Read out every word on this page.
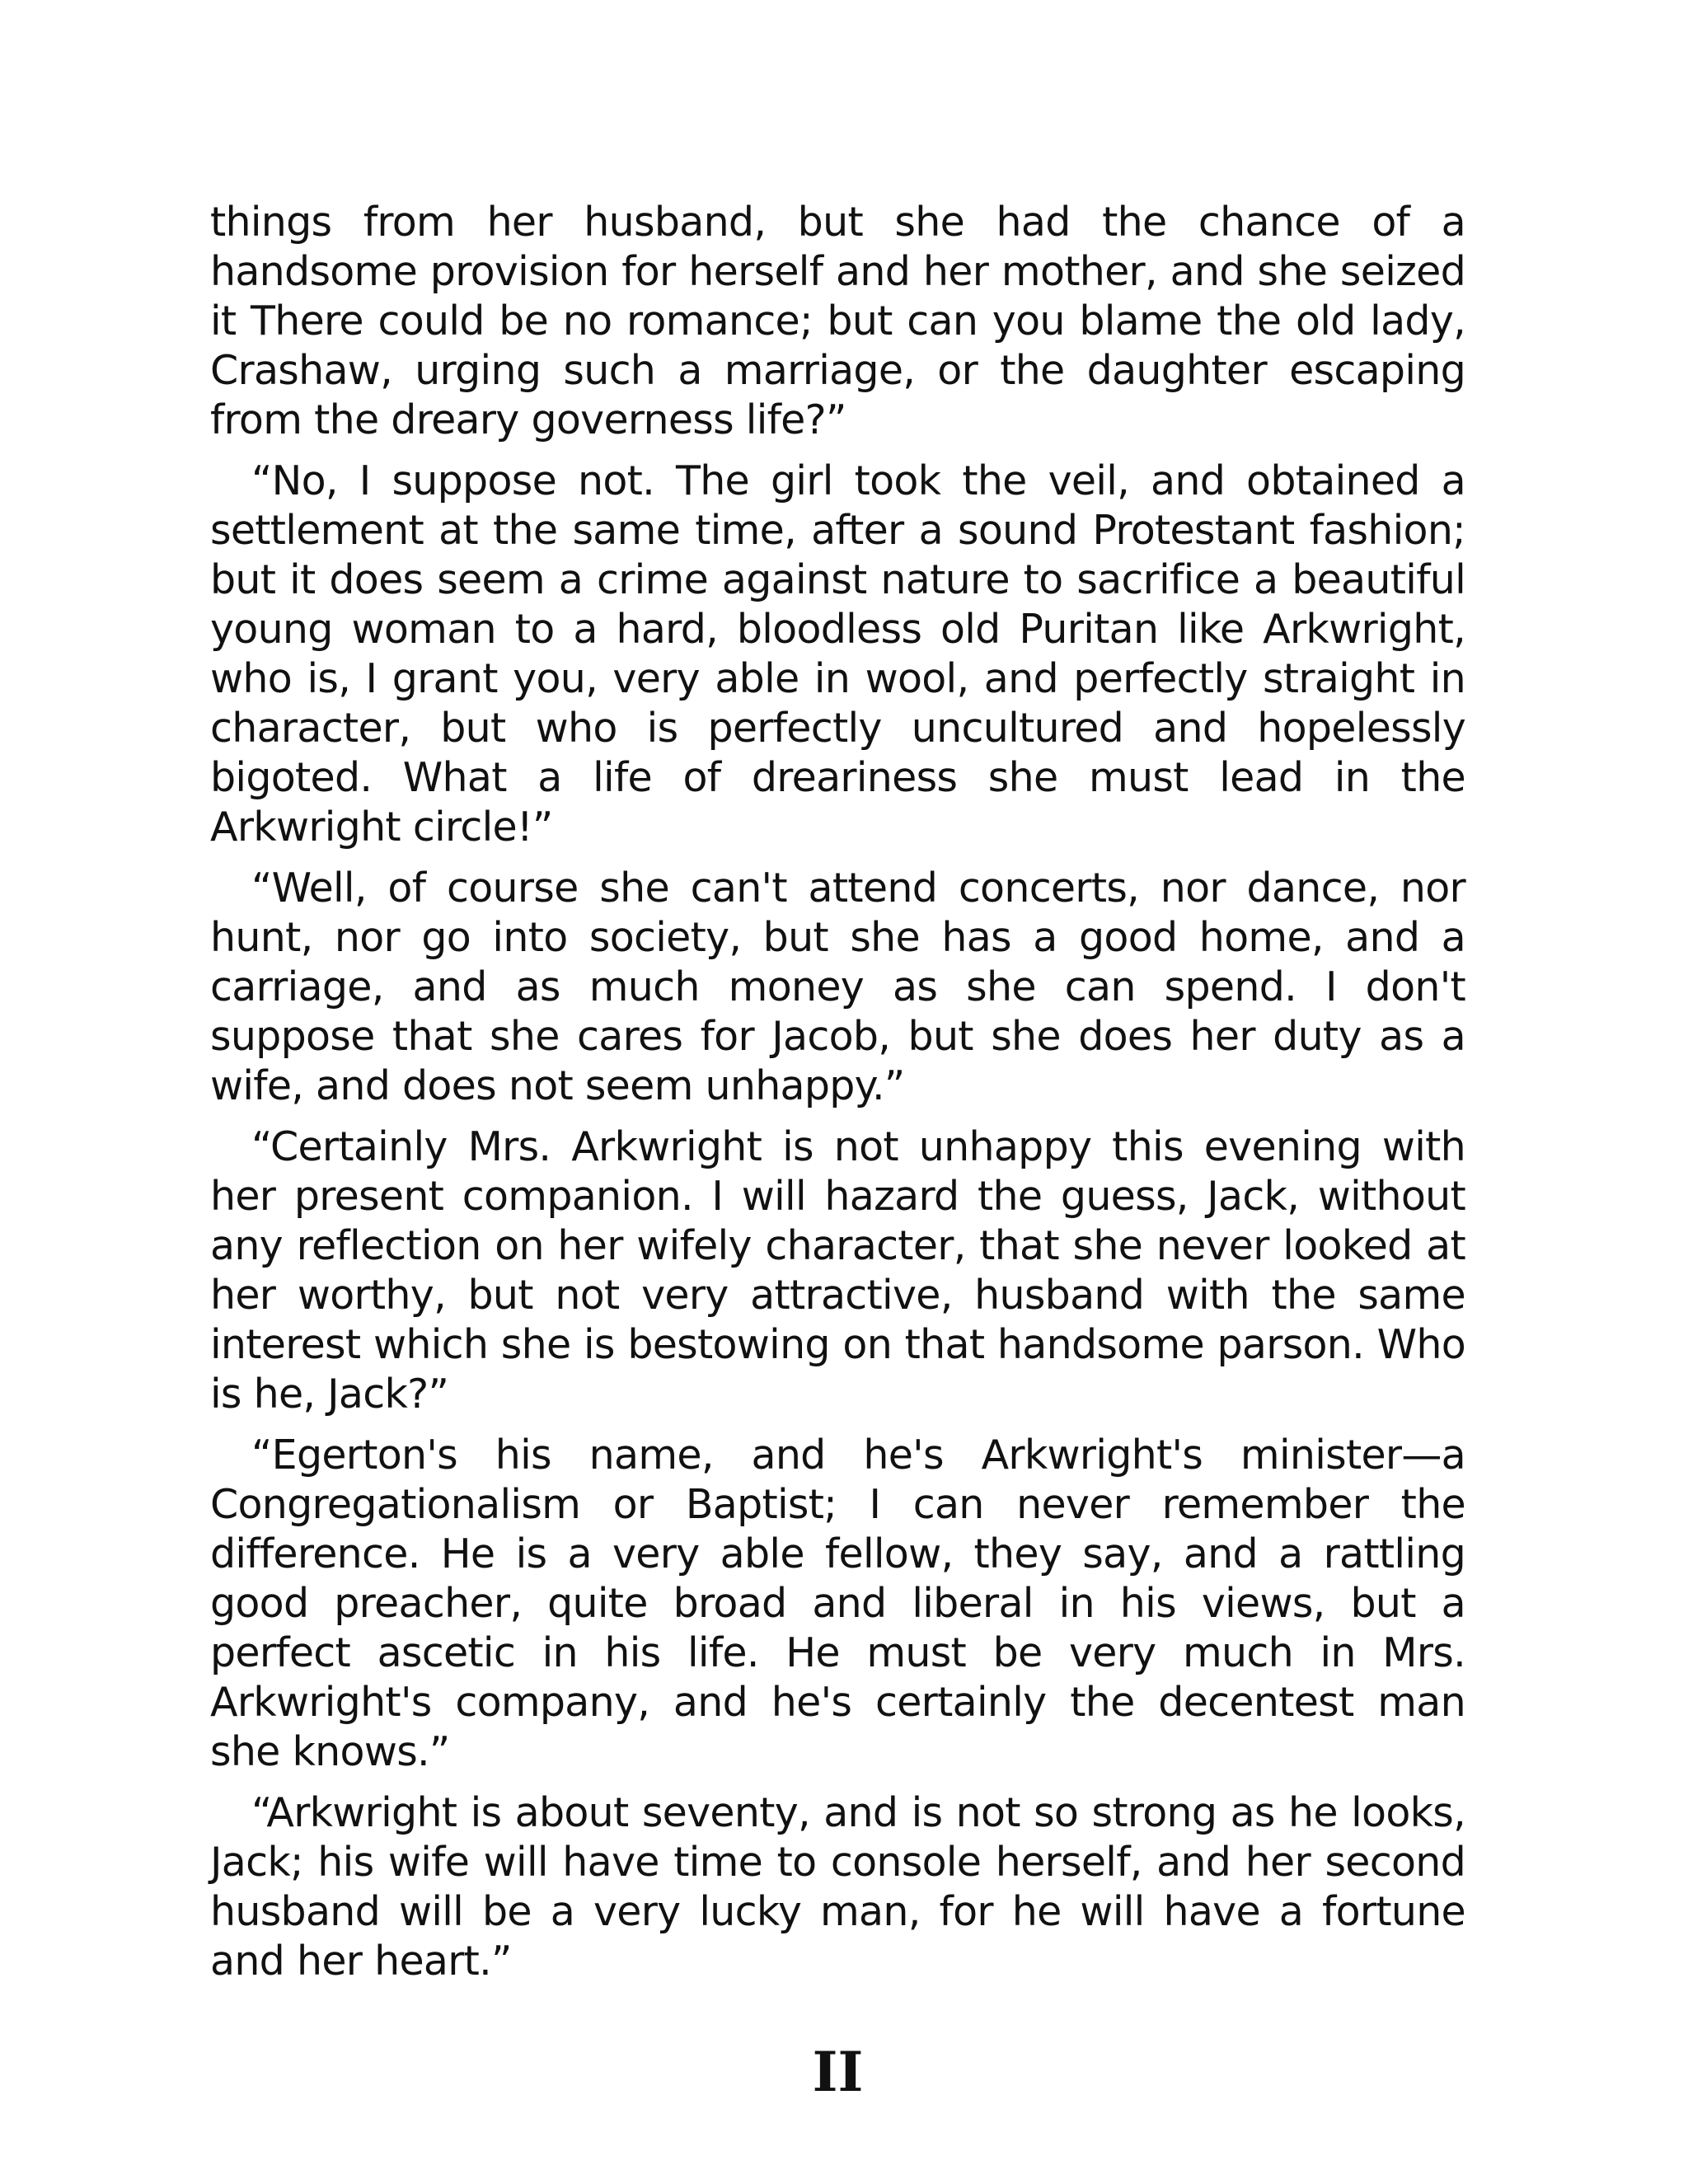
things from her husband, but she had the chance of a handsome provision for herself and her mother, and she seized it There could be no romance; but can you blame the old lady, Crashaw, urging such a marriage, or the daughter escaping from the dreary governess life?”

“No, I suppose not. The girl took the veil, and obtained a settlement at the same time, after a sound Protestant fashion; but it does seem a crime against nature to sacrifice a beautiful young woman to a hard, bloodless old Puritan like Arkwright, who is, I grant you, very able in wool, and perfectly straight in character, but who is perfectly uncultured and hopelessly bigoted. What a life of dreariness she must lead in the Arkwright circle!”

“Well, of course she can't attend concerts, nor dance, nor hunt, nor go into society, but she has a good home, and a carriage, and as much money as she can spend. I don't suppose that she cares for Jacob, but she does her duty as a wife, and does not seem unhappy.”

“Certainly Mrs. Arkwright is not unhappy this evening with her present companion. I will hazard the guess, Jack, without any reflection on her wifely character, that she never looked at her worthy, but not very attractive, husband with the same interest which she is bestowing on that handsome parson. Who is he, Jack?”

“Egerton's his name, and he's Arkwright's minister—a Congregationalism or Baptist; I can never remember the difference. He is a very able fellow, they say, and a rattling good preacher, quite broad and liberal in his views, but a perfect ascetic in his life. He must be very much in Mrs. Arkwright's company, and he's certainly the decentest man she knows.”

“Arkwright is about seventy, and is not so strong as he looks, Jack; his wife will have time to console herself, and her second husband will be a very lucky man, for he will have a fortune and her heart.”

II
